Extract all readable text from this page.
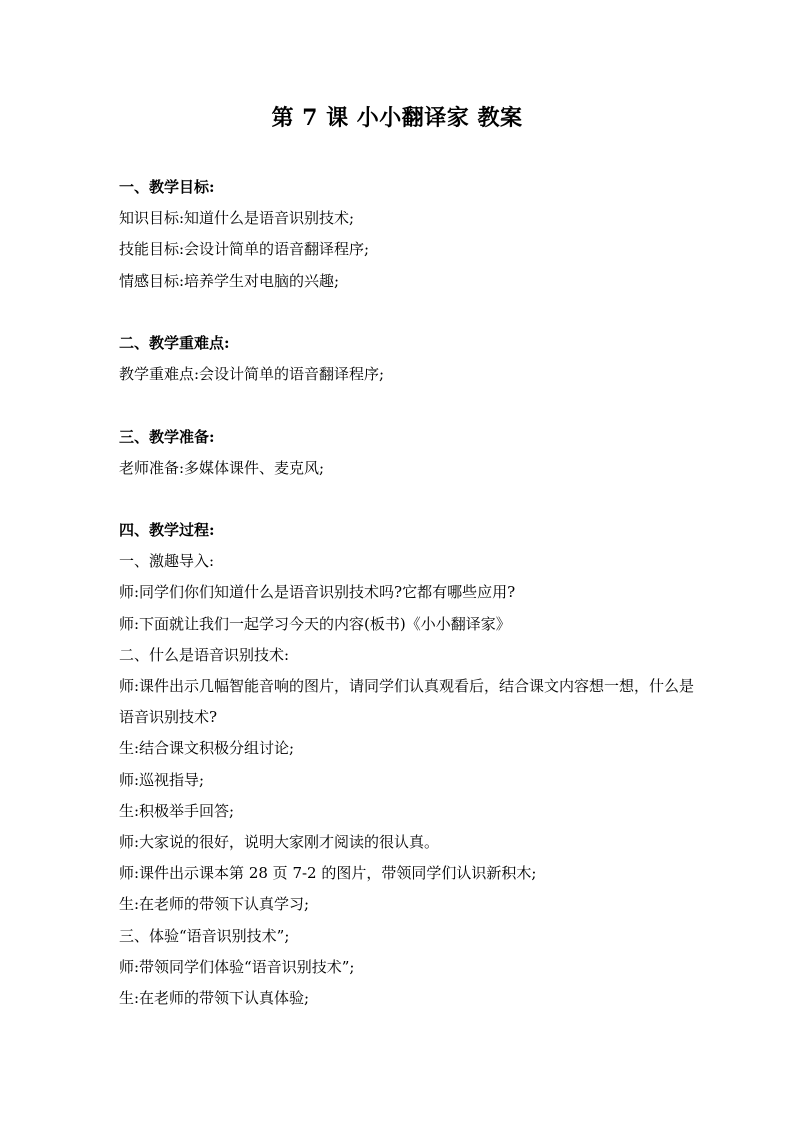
第 7 课 小小翻译家 教案
一、教学目标:
知识目标:知道什么是语音识别技术;
技能目标:会设计简单的语音翻译程序;
情感目标:培养学生对电脑的兴趣;
二、教学重难点:
教学重难点:会设计简单的语音翻译程序;
三、教学准备:
老师准备:多媒体课件、麦克风;
四、教学过程:
一、激趣导入:
师:同学们你们知道什么是语音识别技术吗?它都有哪些应用?
师:下面就让我们一起学习今天的内容(板书)《小小翻译家》
二、什么是语音识别技术:
师:课件出示几幅智能音响的图片，请同学们认真观看后，结合课文内容想一想，什么是语音识别技术?
生:结合课文积极分组讨论;
师:巡视指导;
生:积极举手回答;
师:大家说的很好，说明大家刚才阅读的很认真。
师:课件出示课本第 28 页 7-2 的图片，带领同学们认识新积木;
生:在老师的带领下认真学习;
三、体验“语音识别技术”;
师:带领同学们体验“语音识别技术”;
生:在老师的带领下认真体验;
